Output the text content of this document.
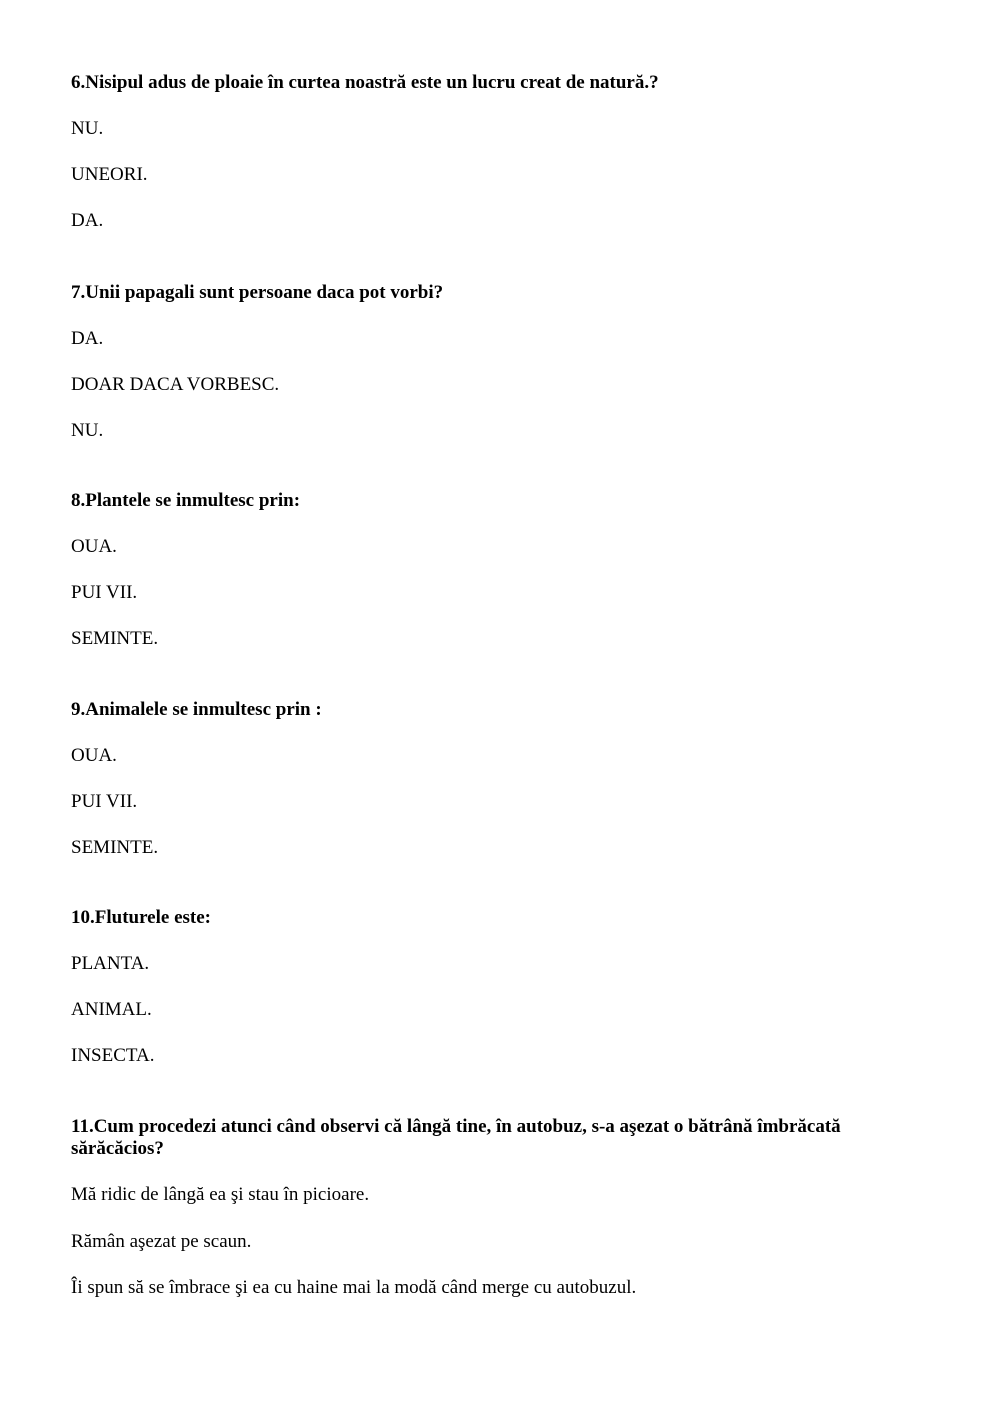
6.Nisipul adus de ploaie în curtea noastră este un lucru creat de natură.?

NU.

UNEORI.

DA.

7.Unii papagali sunt persoane daca pot vorbi?

DA.

DOAR DACA VORBESC.

NU.

8.Plantele se inmultesc prin:

OUA.

PUI VII.

SEMINTE.

9.Animalele se inmultesc prin :

OUA.

PUI VII.

SEMINTE.

10.Fluturele este:

PLANTA.

ANIMAL.

INSECTA.

11.Cum procedezi atunci când observi că lângă tine, în autobuz, s-a aşezat o bătrână îmbrăcată sărăcăcios?

Mă ridic de lângă ea şi stau în picioare.

Rămân aşezat pe scaun.

Îi spun să se îmbrace şi ea cu haine mai la modă când merge cu autobuzul.
